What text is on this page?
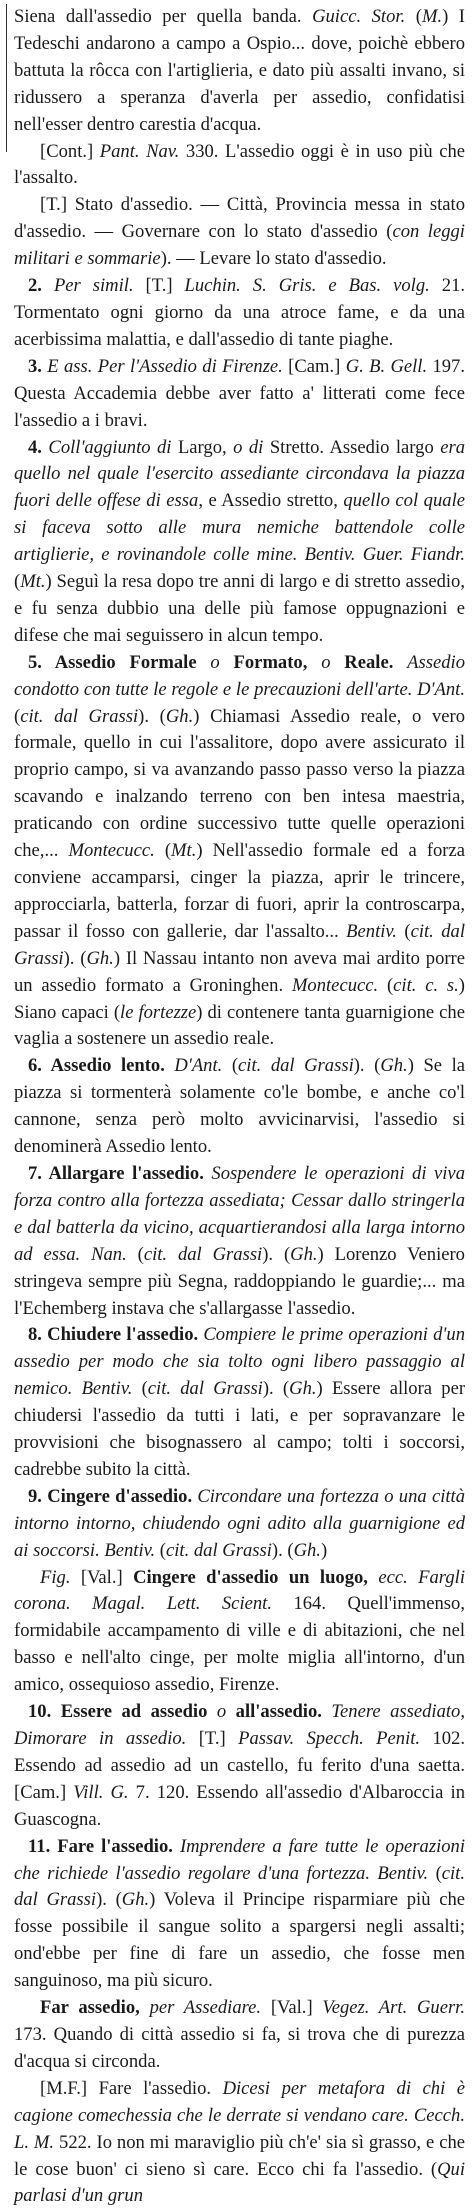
Siena dall'assedio per quella banda. Guicc. Stor. (M.) I Tedeschi andarono a campo a Ospio... dove, poichè ebbero battuta la rôcca con l'artiglieria, e dato più assalti invano, si ridussero a speranza d'averla per assedio, confidatisi nell'esser dentro carestia d'acqua.

[Cont.] Pant. Nav. 330. L'assedio oggi è in uso più che l'assalto.

[T.] Stato d'assedio. — Città, Provincia messa in stato d'assedio. — Governare con lo stato d'assedio (con leggi militari e sommarie). — Levare lo stato d'assedio.

2. Per simil. [T.] Luchin. S. Gris. e Bas. volg. 21. Tormentato ogni giorno da una atroce fame, e da una acerbissima malattia, e dall'assedio di tante piaghe.

3. E ass. Per l'Assedio di Firenze. [Cam.] G. B. Gell. 197. Questa Accademia debbe aver fatto a' litterati come fece l'assedio a i bravi.

4. Coll'aggiunto di Largo, o di Stretto. Assedio largo era quello nel quale l'esercito assediante circondava la piazza fuori delle offese di essa, e Assedio stretto, quello col quale si faceva sotto alle mura nemiche battendole colle artiglierie, e rovinandole colle mine. Bentiv. Guer. Fiandr. (Mt.) Seguì la resa dopo tre anni di largo e di stretto assedio, e fu senza dubbio una delle più famose oppugnazioni e difese che mai seguissero in alcun tempo.

5. Assedio Formale o Formato, o Reale. Assedio condotto con tutte le regole e le precauzioni dell'arte. D'Ant. (cit. dal Grassi). (Gh.) Chiamasi Assedio reale, o vero formale, quello in cui l'assalitore, dopo avere assicurato il proprio campo, si va avanzando passo passo verso la piazza scavando e inalzando terreno con ben intesa maestria, praticando con ordine successivo tutte quelle operazioni che,... Montecucc. (Mt.) Nell'assedio formale ed a forza conviene accamparsi, cinger la piazza, aprir le trincere, approcciarla, batterla, forzar di fuori, aprir la controscarpa, passar il fosso con gallerie, dar l'assalto... Bentiv. (cit. dal Grassi). (Gh.) Il Nassau intanto non aveva mai ardito porre un assedio formato a Groninghen. Montecucc. (cit. c. s.) Siano capaci (le fortezze) di contenere tanta guarnigione che vaglia a sostenere un assedio reale.

6. Assedio lento. D'Ant. (cit. dal Grassi). (Gh.) Se la piazza si tormenterà solamente co'le bombe, e anche co'l cannone, senza però molto avvicinarvisi, l'assedio si denominerà Assedio lento.

7. Allargare l'assedio. Sospendere le operazioni di viva forza contro alla fortezza assediata; Cessar dallo stringerla e dal batterla da vicino, acquartierandosi alla larga intorno ad essa. Nan. (cit. dal Grassi). (Gh.) Lorenzo Veniero stringeva sempre più Segna, raddoppiando le guardie;... ma l'Echemberg instava che s'allargasse l'assedio.

8. Chiudere l'assedio. Compiere le prime operazioni d'un assedio per modo che sia tolto ogni libero passaggio al nemico. Bentiv. (cit. dal Grassi). (Gh.) Essere allora per chiudersi l'assedio da tutti i lati, e per sopravanzare le provvisioni che bisognassero al campo; tolti i soccorsi, cadrebbe subito la città.

9. Cingere d'assedio. Circondare una fortezza o una città intorno intorno, chiudendo ogni adito alla guarnigione ed ai soccorsi. Bentiv. (cit. dal Grassi). (Gh.)

Fig. [Val.] Cingere d'assedio un luogo, ecc. Fargli corona. Magal. Lett. Scient. 164. Quell'immenso, formidabile accampamento di ville e di abitazioni, che nel basso e nell'alto cinge, per molte miglia all'intorno, d'un amico, ossequioso assedio, Firenze.

10. Essere ad assedio o all'assedio. Tenere assediato, Dimorare in assedio. [T.] Passav. Specch. Penit. 102. Essendo ad assedio ad un castello, fu ferito d'una saetta. [Cam.] Vill. G. 7. 120. Essendo all'assedio d'Albaroccia in Guascogna.

11. Fare l'assedio. Imprendere a fare tutte le operazioni che richiede l'assedio regolare d'una fortezza. Bentiv. (cit. dal Grassi). (Gh.) Voleva il Principe risparmiare più che fosse possibile il sangue solito a spargersi negli assalti; ond'ebbe per fine di fare un assedio, che fosse men sanguinoso, ma più sicuro.

Far assedio, per Assediare. [Val.] Vegez. Art. Guerr. 173. Quando di città assedio si fa, si trova che di purezza d'acqua si circonda.

[M.F.] Fare l'assedio. Dicesi per metafora di chi è cagione comechessia che le derrate si vendano care. Cecch. L. M. 522. Io non mi maraviglio più ch'e' sia sì grasso, e che le cose buon' ci sieno sì care. Ecco chi fa l'assedio. (Qui parlasi d'un grun
